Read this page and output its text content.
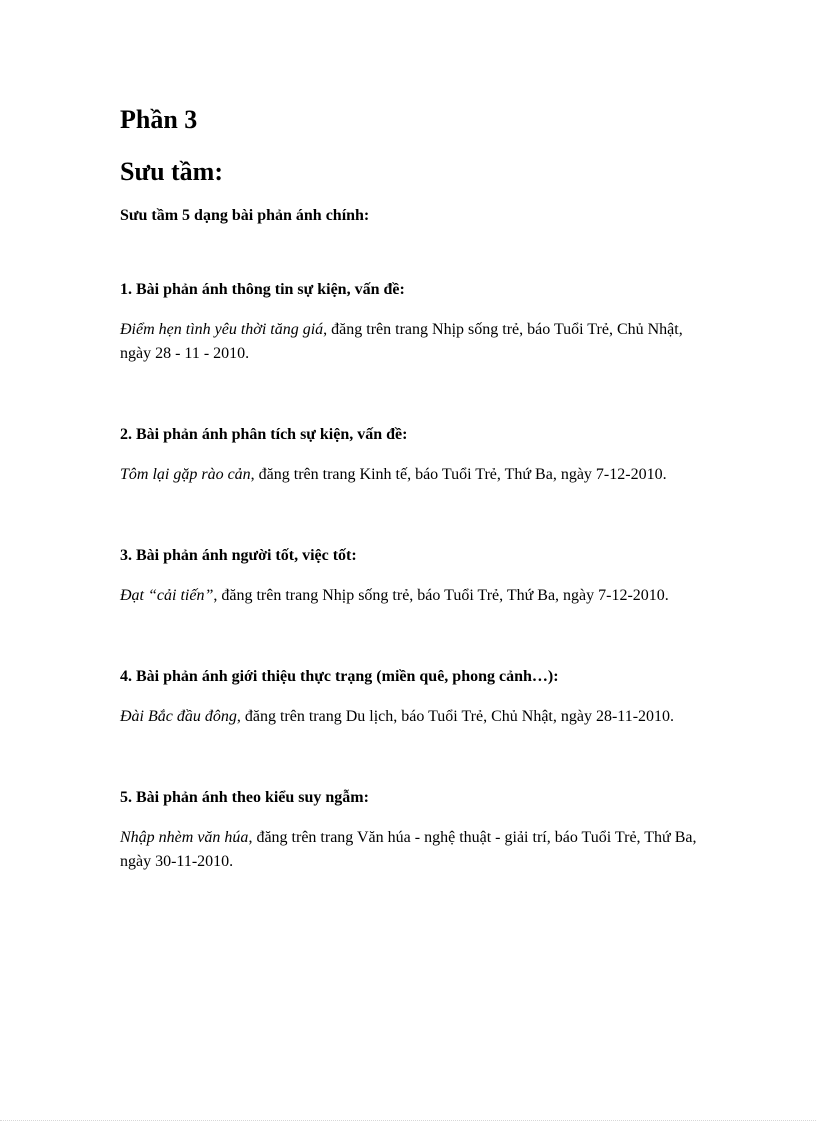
Phần 3
Sưu tầm:

Sưu tầm 5 dạng bài phản ánh chính:

1. Bài phản ánh thông tin sự kiện, vấn đề:

Điểm hẹn tình yêu thời tăng giá, đăng trên trang Nhịp sống trẻ, báo Tuổi Trẻ, Chủ Nhật, ngày 28 - 11 - 2010.

2. Bài phản ánh phân tích sự kiện, vấn đề:

Tôm lại gặp rào cản, đăng trên trang Kinh tế, báo Tuổi Trẻ, Thứ Ba, ngày 7-12-2010.

3. Bài phản ánh người tốt, việc tốt:

Đạt “cải tiến”, đăng trên trang Nhịp sống trẻ, báo Tuổi Trẻ, Thứ Ba, ngày 7-12-2010.

4. Bài phản ánh giới thiệu thực trạng (miền quê, phong cảnh…):

Đài Bắc đầu đông, đăng trên trang Du lịch, báo Tuổi Trẻ, Chủ Nhật, ngày 28-11-2010.

5. Bài phản ánh theo kiểu suy ngẫm:

Nhập nhèm văn húa, đăng trên trang Văn húa - nghệ thuật - giải trí, báo Tuổi Trẻ, Thứ Ba, ngày 30-11-2010.
